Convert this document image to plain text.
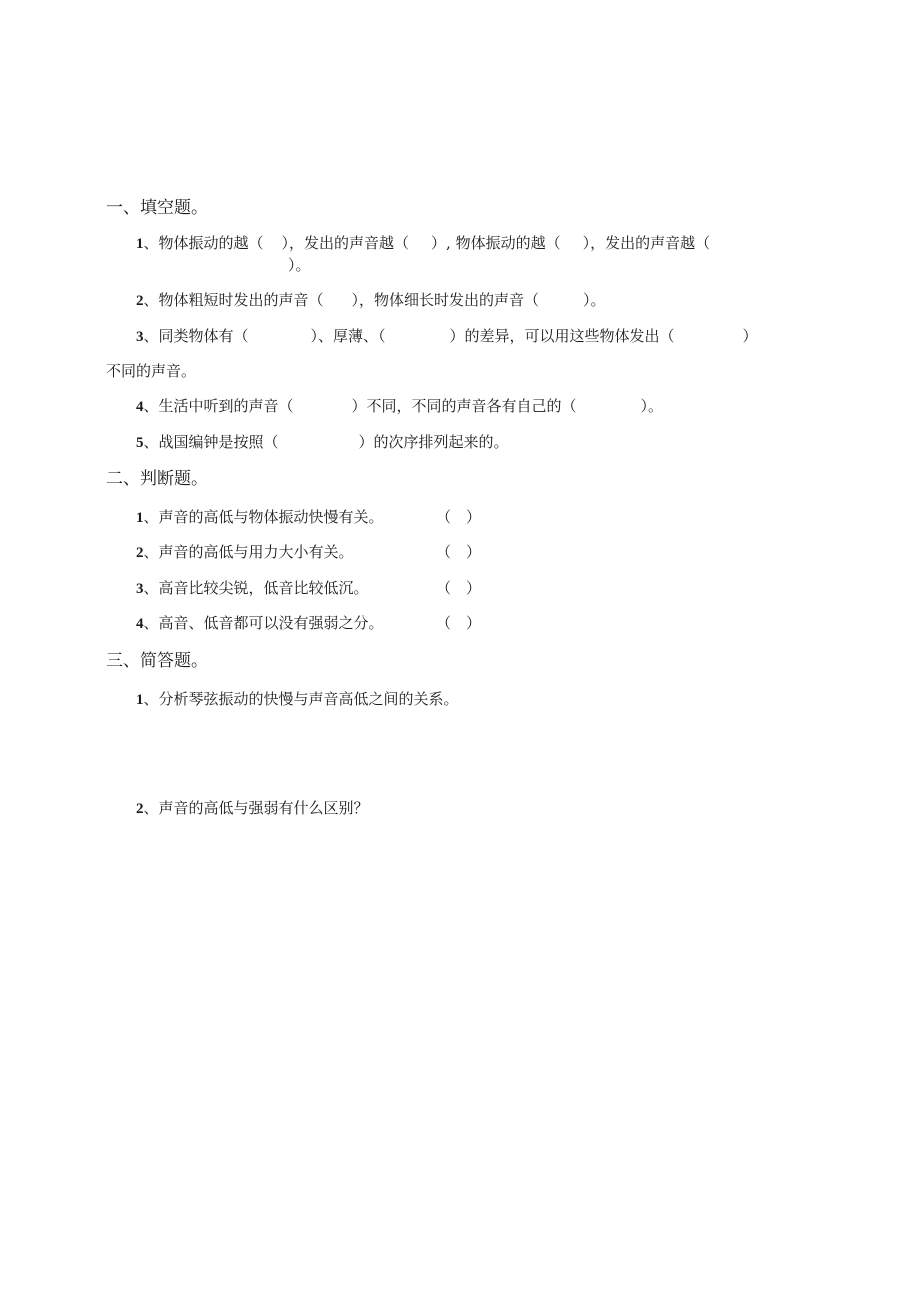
一、填空题。
1、物体振动的越（ ），发出的声音越（ ）, 物体振动的越（ ），发出的声音越（
）。
2、物体粗短时发出的声音（ ），物体细长时发出的声音（	）。
3、同类物体有（	）、厚薄、（	）的差异，可以用这些物体发出（	）
不同的声音。
4、生活中听到的声音（	）不同，不同的声音各有自己的（	）。
5、战国编钟是按照（	）的次序排列起来的。
二、判断题。
1、声音的高低与物体振动快慢有关。	（　）
2、声音的高低与用力大小有关。	（　）
3、高音比较尖锐，低音比较低沉。	（　）
4、高音、低音都可以没有强弱之分。	（　）
三、简答题。
1、分析琴弦振动的快慢与声音高低之间的关系。
2、声音的高低与强弱有什么区别？
